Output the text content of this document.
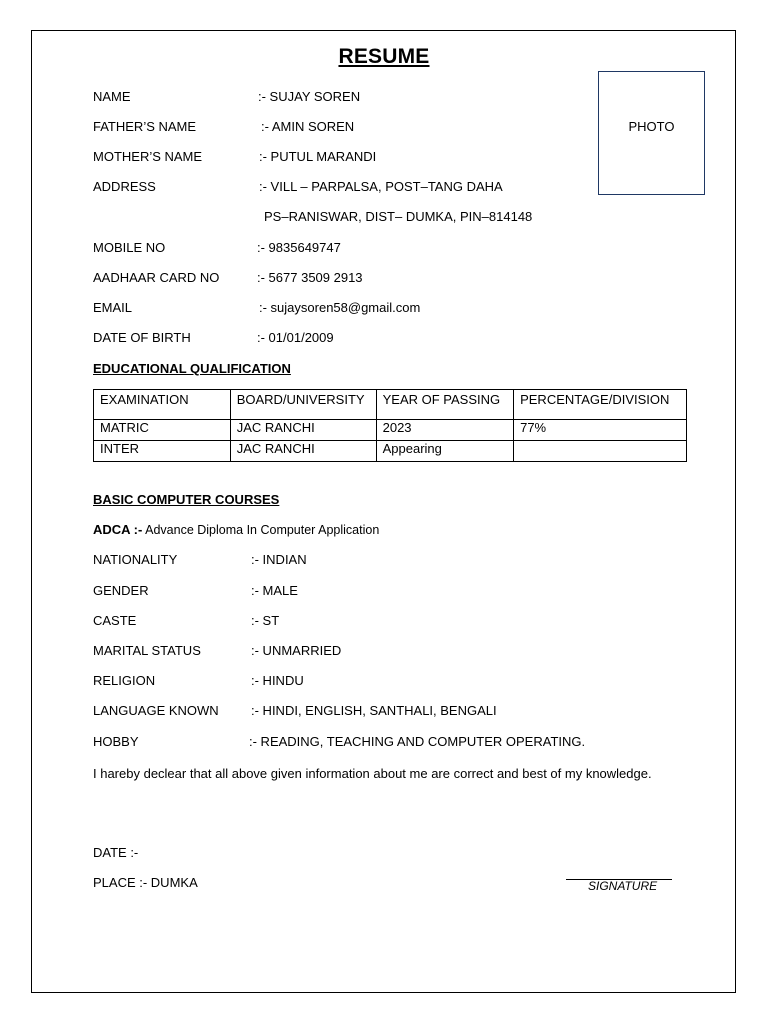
RESUME
PHOTO
NAME	:- SUJAY SOREN
FATHER’S NAME	:- AMIN SOREN
MOTHER’S NAME	:- PUTUL MARANDI
ADDRESS	:- VILL – PARPALSA, POST–TANG DAHA
PS–RANISWAR, DIST– DUMKA, PIN–814148
MOBILE NO	:- 9835649747
AADHAAR CARD NO	:- 5677 3509 2913
EMAIL	:- sujaysoren58@gmail.com
DATE OF BIRTH	:- 01/01/2009
EDUCATIONAL QUALIFICATION
EXAMINATION	BOARD/UNIVERSITY	YEAR OF PASSING	PERCENTAGE/DIVISION
MATRIC	JAC RANCHI	2023	77%
INTER	JAC RANCHI	Appearing	
BASIC COMPUTER COURSES
ADCA :- Advance Diploma In Computer Application
NATIONALITY	:- INDIAN
GENDER	:- MALE
CASTE	:- ST
MARITAL STATUS	:- UNMARRIED
RELIGION	:- HINDU
LANGUAGE KNOWN :- HINDI, ENGLISH, SANTHALI, BENGALI
HOBBY	:- READING, TEACHING AND COMPUTER OPERATING.
I hareby declear that all above given information about me are correct and best of my knowledge.
DATE :-
PLACE :- DUMKA	SIGNATURE
